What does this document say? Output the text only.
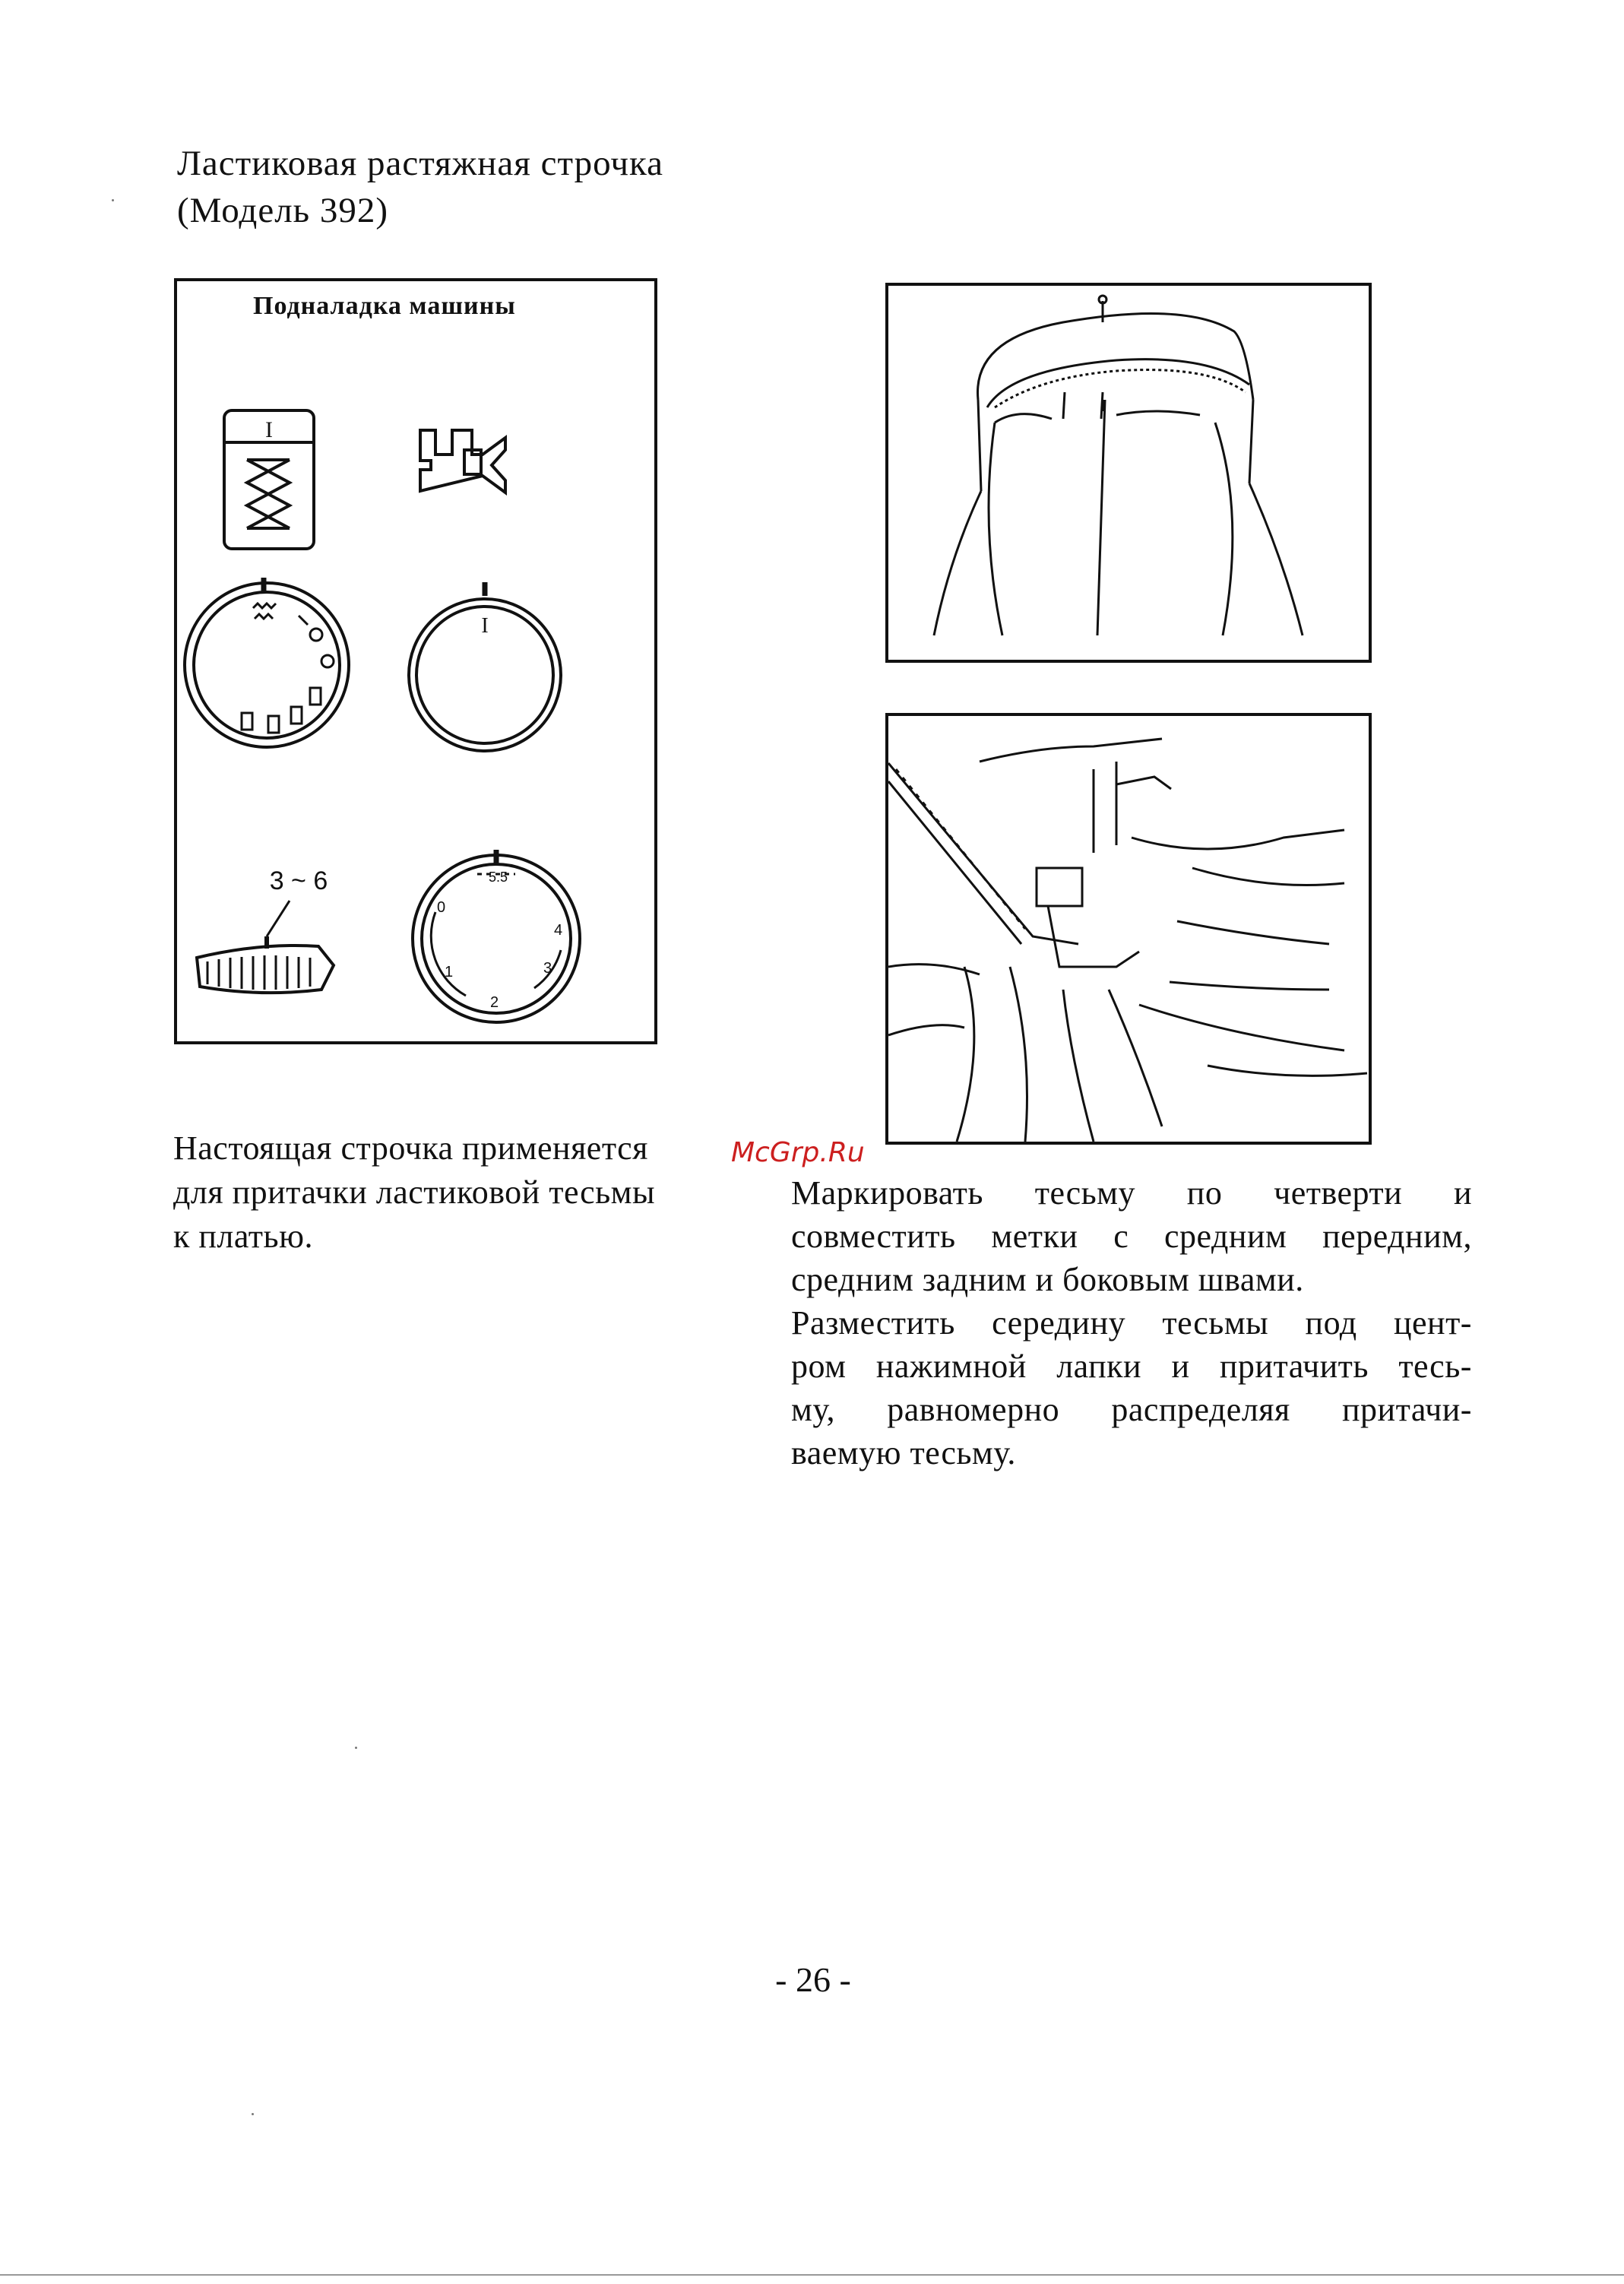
Ластиковая растяжная строчка
(Модель 392)
Подналадка машины
I
I
3 ~ 6
0
1
2
3
4
5.5
McGrp.Ru
Настоящая строчка применяется
для притачки ластиковой тесьмы
к платью.
Маркировать тесьму по четверти и
совместить метки с средним передним,
средним задним и боковым швами.
Разместить середину тесьмы под цент-
ром нажимной лапки и притачить тесь-
му, равномерно распределяя притачи-
ваемую тесьму.
- 26 -
